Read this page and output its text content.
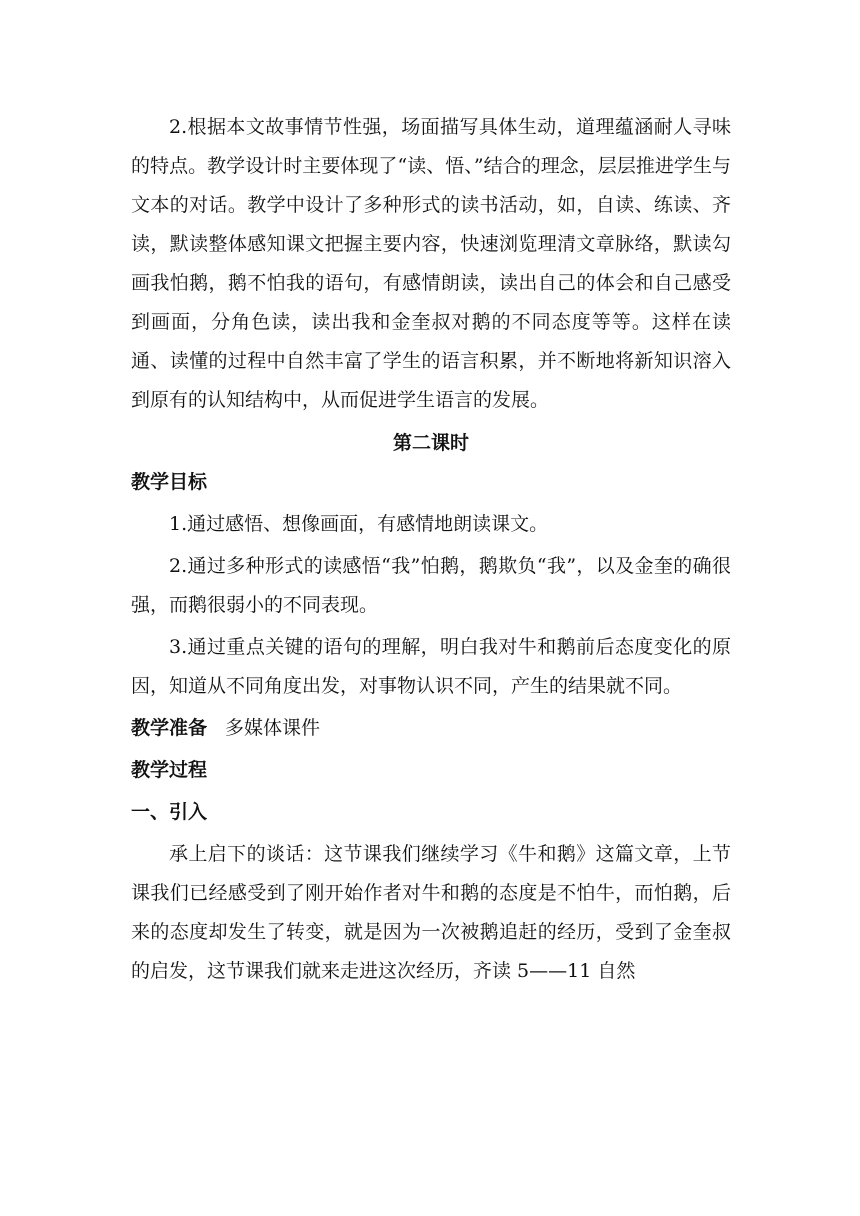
2.根据本文故事情节性强，场面描写具体生动，道理蕴涵耐人寻味的特点。教学设计时主要体现了“读、悟、”结合的理念，层层推进学生与文本的对话。教学中设计了多种形式的读书活动，如，自读、练读、齐读，默读整体感知课文把握主要内容，快速浏览理清文章脉络，默读勾画我怕鹅，鹅不怕我的语句，有感情朗读，读出自己的体会和自己感受到画面，分角色读，读出我和金奎叔对鹅的不同态度等等。这样在读通、读懂的过程中自然丰富了学生的语言积累，并不断地将新知识溶入到原有的认知结构中，从而促进学生语言的发展。

第二课时

教学目标

1.通过感悟、想像画面，有感情地朗读课文。

2.通过多种形式的读感悟“我”怕鹅，鹅欺负“我”，以及金奎的确很强，而鹅很弱小的不同表现。

3.通过重点关键的语句的理解，明白我对牛和鹅前后态度变化的原因，知道从不同角度出发，对事物认识不同，产生的结果就不同。

教学准备 多媒体课件

教学过程

一、引入

承上启下的谈话：这节课我们继续学习《牛和鹅》这篇文章，上节课我们已经感受到了刚开始作者对牛和鹅的态度是不怕牛，而怕鹅，后来的态度却发生了转变，就是因为一次被鹅追赶的经历，受到了金奎叔的启发，这节课我们就来走进这次经历，齐读 5——11 自然
